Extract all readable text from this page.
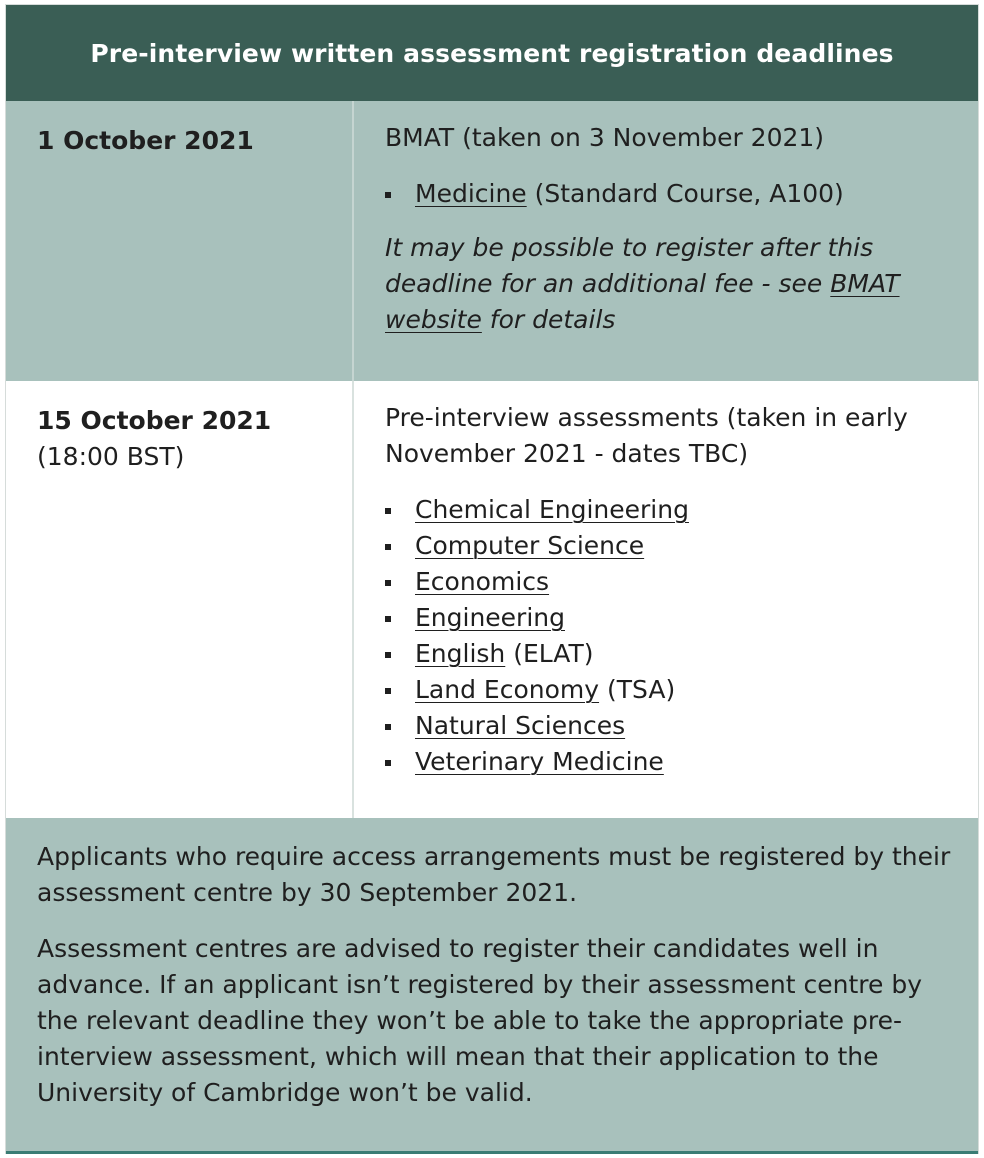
Pre-interview written assessment registration deadlines
1 October 2021	BMAT (taken on 3 November 2021)

Medicine (Standard Course, A100)

It may be possible to register after this deadline for an additional fee - see BMAT website for details

15 October 2021 (18:00 BST)

Pre-interview assessments (taken in early November 2021 - dates TBC)

Chemical Engineering
Computer Science
Economics
Engineering
English (ELAT)
Land Economy (TSA)
Natural Sciences
Veterinary Medicine

Applicants who require access arrangements must be registered by their assessment centre by 30 September 2021.

Assessment centres are advised to register their candidates well in advance. If an applicant isn’t registered by their assessment centre by the relevant deadline they won’t be able to take the appropriate pre-interview assessment, which will mean that their application to the University of Cambridge won’t be valid.
